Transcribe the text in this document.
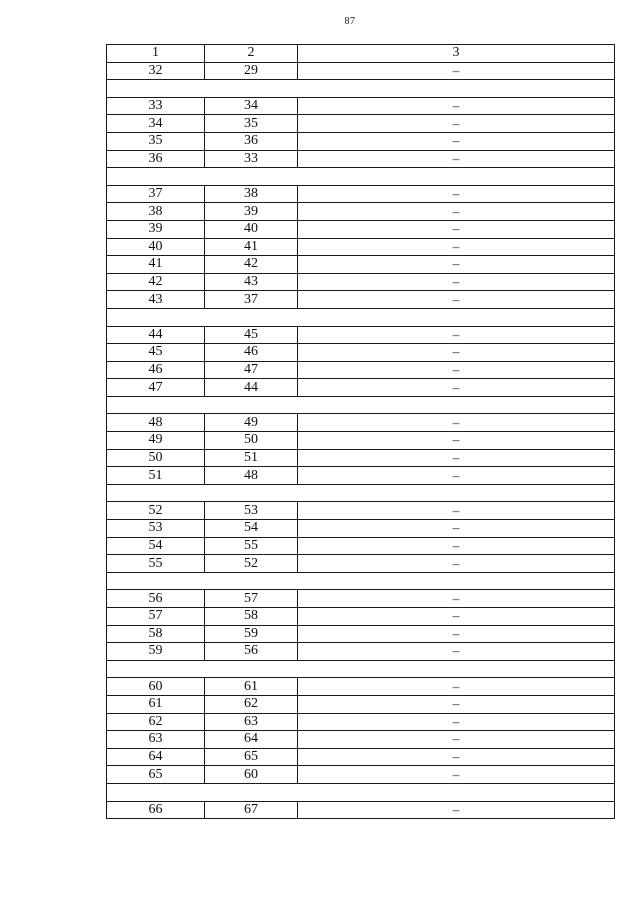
87
1	2	3
32	29	–

33	34	–
34	35	–
35	36	–
36	33	–

37	38	–
38	39	–
39	40	–
40	41	–
41	42	–
42	43	–
43	37	–

44	45	–
45	46	–
46	47	–
47	44	–

48	49	–
49	50	–
50	51	–
51	48	–

52	53	–
53	54	–
54	55	–
55	52	–

56	57	–
57	58	–
58	59	–
59	56	–

60	61	–
61	62	–
62	63	–
63	64	–
64	65	–
65	60	–

66	67	–
